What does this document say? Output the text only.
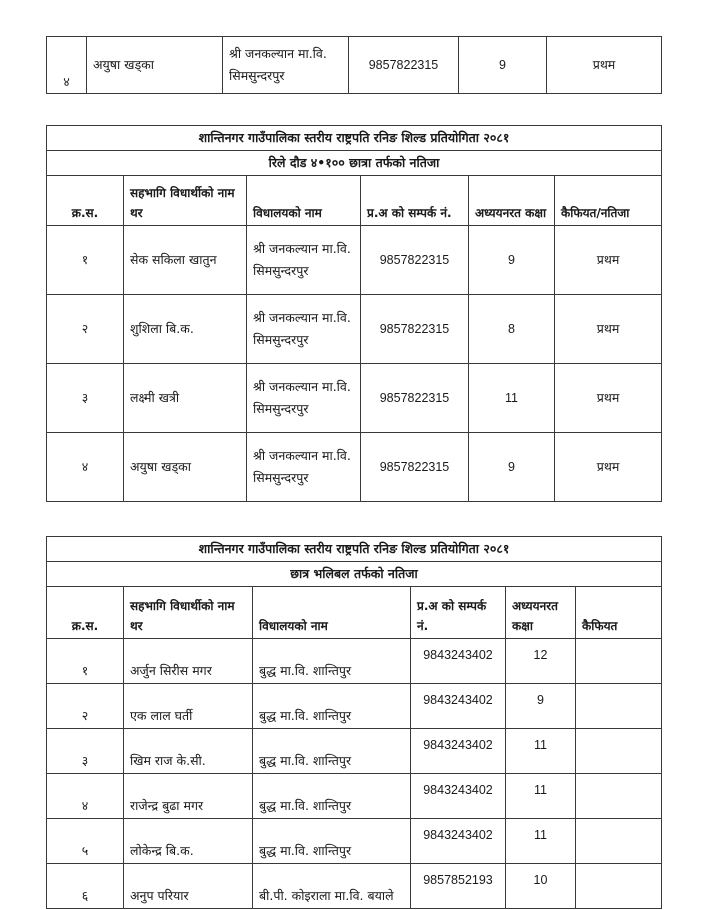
४	अयुषा खड्का	श्री जनकल्यान मा.वि. सिमसुन्दरपुर	9857822315	9	प्रथम
शान्तिनगर गाउँपालिका स्तरीय राष्ट्रपति रनिङ शिल्ड प्रतियोगिता २०८१					
रिले दौड ४•१०० छात्रा तर्फको नतिजा					
क्र.स.	सहभागि विधार्थीको नाम थर	विधालयको नाम	प्र.अ को सम्पर्क नं.	अध्ययनरत कक्षा	कैफियत/नतिजा
१	सेक सकिला खातुन	श्री जनकल्यान मा.वि. सिमसुन्दरपुर	9857822315	9	प्रथम
२	शुशिला बि.क.	श्री जनकल्यान मा.वि. सिमसुन्दरपुर	9857822315	8	प्रथम
३	लक्ष्मी खत्री	श्री जनकल्यान मा.वि. सिमसुन्दरपुर	9857822315	11	प्रथम
४	अयुषा खड्का	श्री जनकल्यान मा.वि. सिमसुन्दरपुर	9857822315	9	प्रथम
शान्तिनगर गाउँपालिका स्तरीय राष्ट्रपति रनिङ शिल्ड प्रतियोगिता २०८१					
छात्र भलिबल तर्फको नतिजा					
क्र.स.	सहभागि विधार्थीको नाम थर	विधालयको नाम	प्र.अ को सम्पर्क नं.	अध्ययनरत कक्षा	कैफियत
१	अर्जुन सिरीस मगर	बुद्ध मा.वि. शान्तिपुर	9843243402	12	
२	एक लाल घर्ती	बुद्ध मा.वि. शान्तिपुर	9843243402	9	
३	खिम राज के.सी.	बुद्ध मा.वि. शान्तिपुर	9843243402	11	
४	राजेन्द्र बुढा मगर	बुद्ध मा.वि. शान्तिपुर	9843243402	11	
५	लोकेन्द्र बि.क.	बुद्ध मा.वि. शान्तिपुर	9843243402	11	
६	अनुप परियार	बी.पी. कोइराला मा.वि. बयाले	9857852193	10	
